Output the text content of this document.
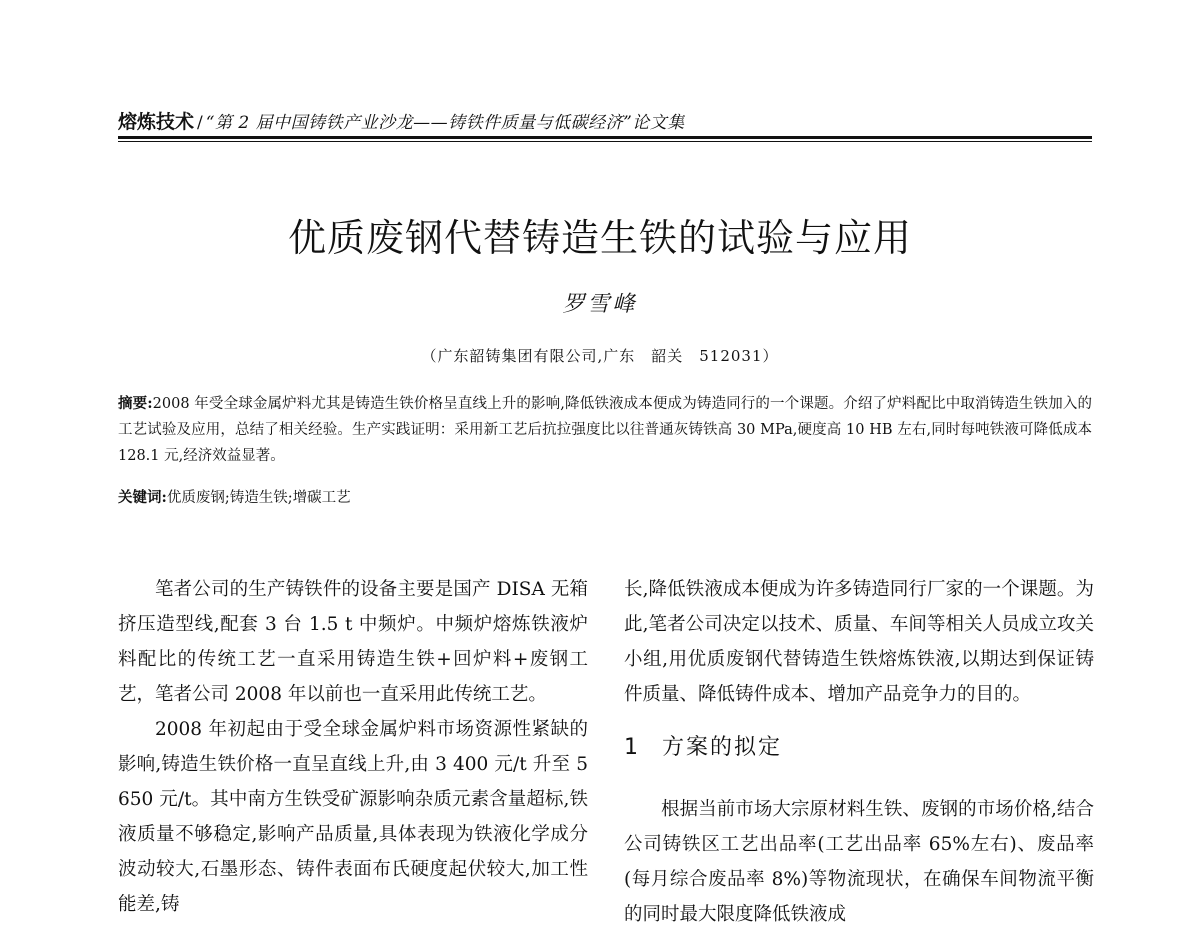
熔炼技术 / “第 2 届中国铸铁产业沙龙——铸铁件质量与低碳经济”论文集
优质废钢代替铸造生铁的试验与应用
罗雪峰
（广东韶铸集团有限公司,广东　韶关　512031）
摘要:2008 年受全球金属炉料尤其是铸造生铁价格呈直线上升的影响,降低铁液成本便成为铸造同行的一个课题。介绍了炉料配比中取消铸造生铁加入的工艺试验及应用，总结了相关经验。生产实践证明：采用新工艺后抗拉强度比以往普通灰铸铁高 30 MPa,硬度高 10 HB 左右,同时每吨铁液可降低成本 128.1 元,经济效益显著。
关键词:优质废钢;铸造生铁;增碳工艺

笔者公司的生产铸铁件的设备主要是国产 DISA 无箱挤压造型线,配套 3 台 1.5 t 中频炉。中频炉熔炼铁液炉料配比的传统工艺一直采用铸造生铁+回炉料+废钢工艺，笔者公司 2008 年以前也一直采用此传统工艺。

2008 年初起由于受全球金属炉料市场资源性紧缺的影响,铸造生铁价格一直呈直线上升,由 3 400 元/t 升至 5 650 元/t。其中南方生铁受矿源影响杂质元素含量超标,铁液质量不够稳定,影响产品质量,具体表现为铁液化学成分波动较大,石墨形态、铸件表面布氏硬度起伏较大,加工性能差,铸

长,降低铁液成本便成为许多铸造同行厂家的一个课题。为此,笔者公司决定以技术、质量、车间等相关人员成立攻关小组,用优质废钢代替铸造生铁熔炼铁液,以期达到保证铸件质量、降低铸件成本、增加产品竞争力的目的。

1 方案的拟定

根据当前市场大宗原材料生铁、废钢的市场价格,结合公司铸铁区工艺出品率(工艺出品率 65%左右)、废品率(每月综合废品率 8%)等物流现状，在确保车间物流平衡的同时最大限度降低铁液成
